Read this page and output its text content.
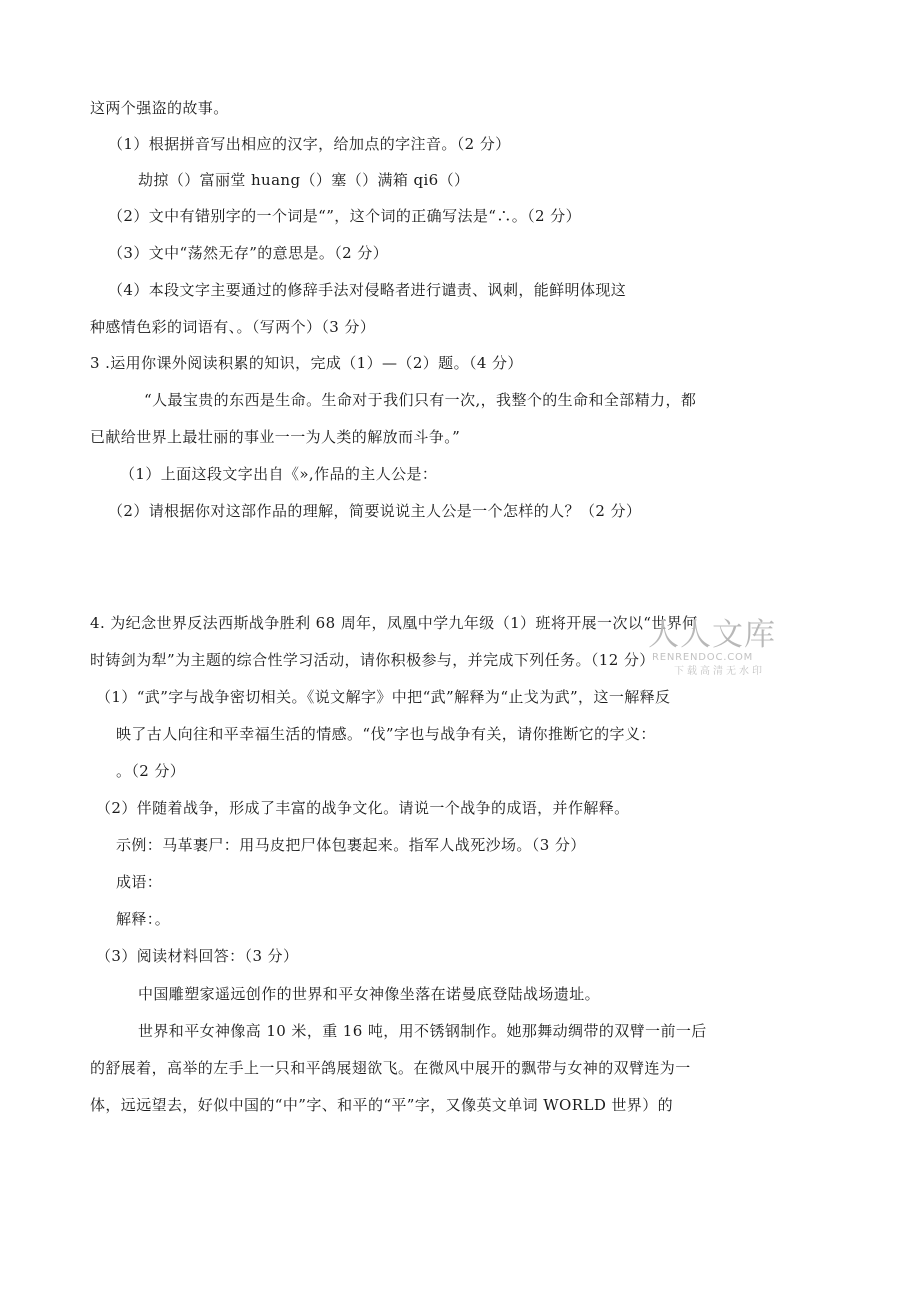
这两个强盗的故事。
（1）根据拼音写出相应的汉字，给加点的字注音。（2 分）
劫掠（）富丽堂 huang（）塞（）满箱 qi6（）
（2）文中有错别字的一个词是“”，这个词的正确写法是“∴。（2 分）
（3）文中“荡然无存”的意思是。（2 分）
（4）本段文字主要通过的修辞手法对侵略者进行谴责、讽刺，能鲜明体现这
种感情色彩的词语有、。（写两个）（3 分）
3 .运用你课外阅读积累的知识，完成（1）—（2）题。（4 分）
“人最宝贵的东西是生命。生命对于我们只有一次,，我整个的生命和全部精力，都
已献给世界上最壮丽的事业一一为人类的解放而斗争。”
（1）上面这段文字出自《»,作品的主人公是：
（2）请根据你对这部作品的理解，简要说说主人公是一个怎样的人？（2 分）
4. 为纪念世界反法西斯战争胜利 68 周年，凤凰中学九年级（1）班将开展一次以“世界何
时铸剑为犁”为主题的综合性学习活动，请你积极参与，并完成下列任务。（12 分）
（1）“武”字与战争密切相关。《说文解字》中把“武”解释为“止戈为武”，这一解释反
映了古人向往和平幸福生活的情感。“伐”字也与战争有关，请你推断它的字义：
。（2 分）
（2）伴随着战争，形成了丰富的战争文化。请说一个战争的成语，并作解释。
示例：马革裹尸：用马皮把尸体包裹起来。指军人战死沙场。（3 分）
成语：
解释：。
（3）阅读材料回答：（3 分）
中国雕塑家遥远创作的世界和平女神像坐落在诺曼底登陆战场遗址。
世界和平女神像高 10 米，重 16 吨，用不锈钢制作。她那舞动绸带的双臂一前一后
的舒展着，高举的左手上一只和平鸽展翅欲飞。在微风中展开的飘带与女神的双臂连为一
体，远远望去，好似中国的“中”字、和平的“平”字，又像英文单词 WORLD 世界）的
人人文库
RENRENDOC.COM
下载高清无水印
